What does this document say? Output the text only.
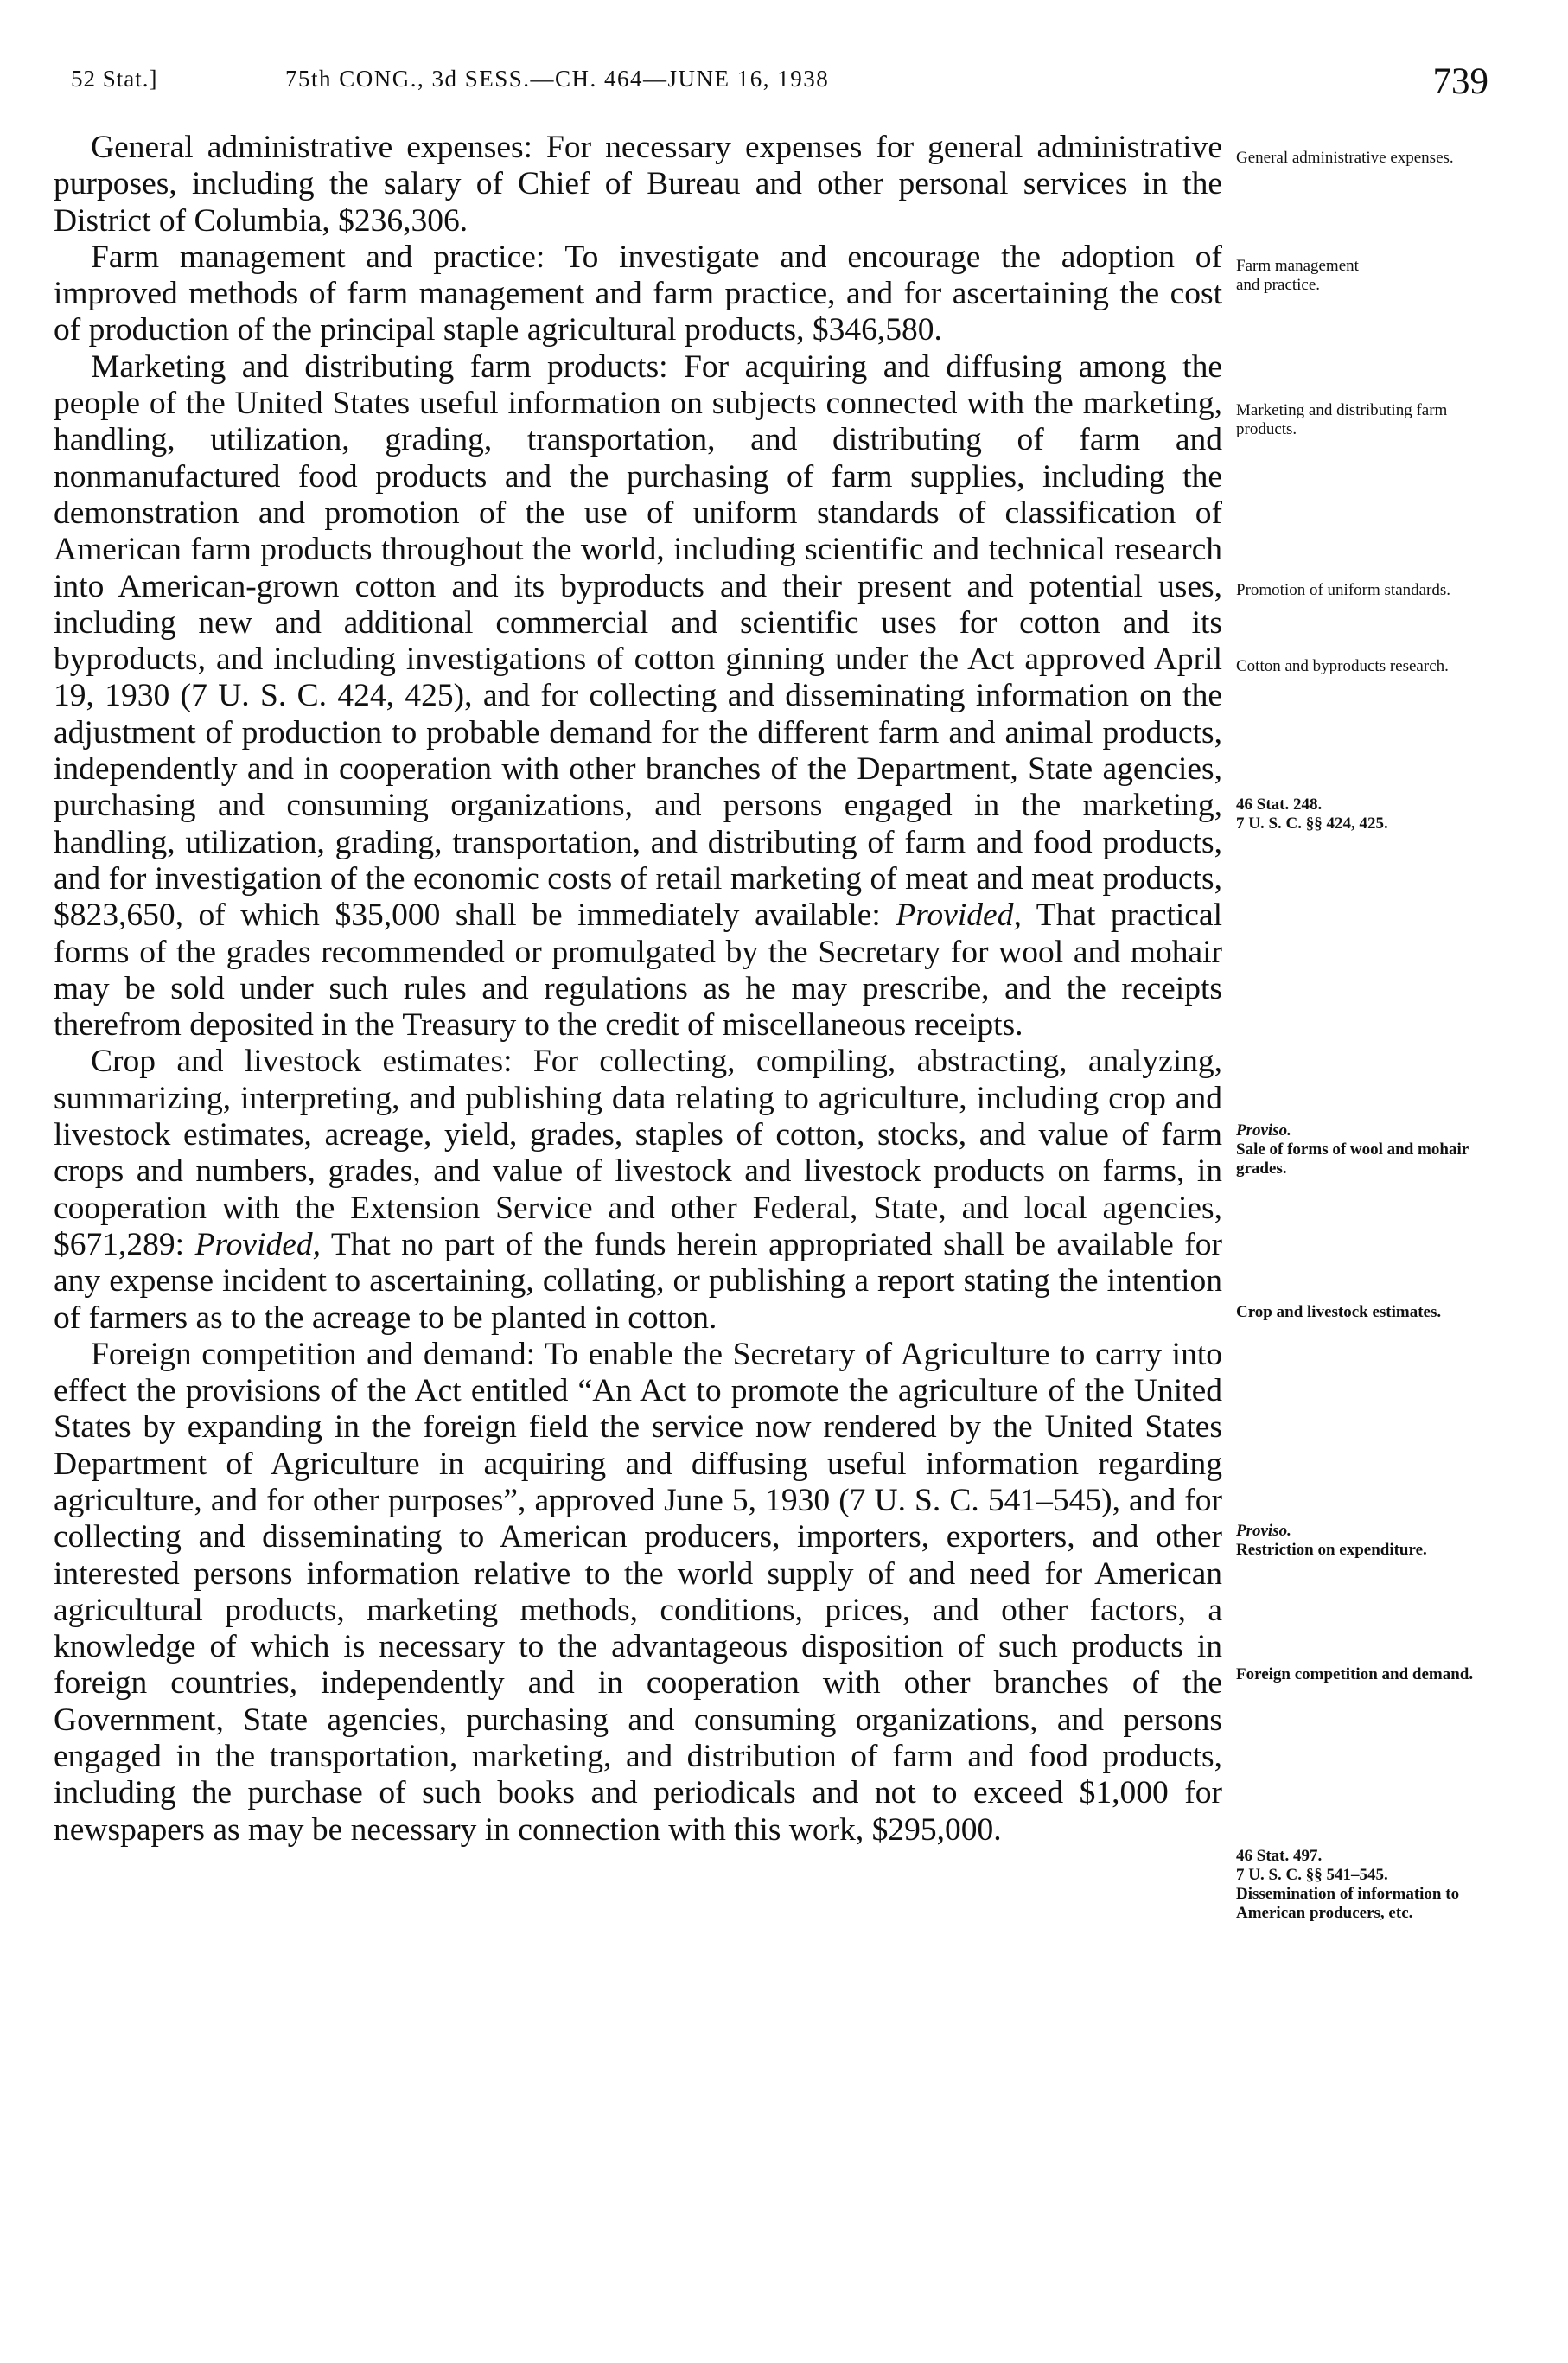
52 Stat.]	75th CONG., 3d SESS.—CH. 464—JUNE 16, 1938	739

General administrative expenses: For necessary expenses for general administrative purposes, including the salary of Chief of Bureau and other personal services in the District of Columbia, $236,306.

Farm management and practice: To investigate and encourage the adoption of improved methods of farm management and farm practice, and for ascertaining the cost of production of the principal staple agricultural products, $346,580.

Marketing and distributing farm products: For acquiring and diffusing among the people of the United States useful information on subjects connected with the marketing, handling, utilization, grading, transportation, and distributing of farm and nonmanufactured food products and the purchasing of farm supplies, including the demonstration and promotion of the use of uniform standards of classification of American farm products throughout the world, including scientific and technical research into American-grown cotton and its byproducts and their present and potential uses, including new and additional commercial and scientific uses for cotton and its byproducts, and including investigations of cotton ginning under the Act approved April 19, 1930 (7 U. S. C. 424, 425), and for collecting and disseminating information on the adjustment of production to probable demand for the different farm and animal products, independently and in cooperation with other branches of the Department, State agencies, purchasing and consuming organizations, and persons engaged in the marketing, handling, utilization, grading, transportation, and distributing of farm and food products, and for investigation of the economic costs of retail marketing of meat and meat products, $823,650, of which $35,000 shall be immediately available: Provided, That practical forms of the grades recommended or promulgated by the Secretary for wool and mohair may be sold under such rules and regulations as he may prescribe, and the receipts therefrom deposited in the Treasury to the credit of miscellaneous receipts.

Crop and livestock estimates: For collecting, compiling, abstracting, analyzing, summarizing, interpreting, and publishing data relating to agriculture, including crop and livestock estimates, acreage, yield, grades, staples of cotton, stocks, and value of farm crops and numbers, grades, and value of livestock and livestock products on farms, in cooperation with the Extension Service and other Federal, State, and local agencies, $671,289: Provided, That no part of the funds herein appropriated shall be available for any expense incident to ascertaining, collating, or publishing a report stating the intention of farmers as to the acreage to be planted in cotton.

Foreign competition and demand: To enable the Secretary of Agriculture to carry into effect the provisions of the Act entitled “An Act to promote the agriculture of the United States by expanding in the foreign field the service now rendered by the United States Department of Agriculture in acquiring and diffusing useful information regarding agriculture, and for other purposes”, approved June 5, 1930 (7 U. S. C. 541–545), and for collecting and disseminating to American producers, importers, exporters, and other interested persons information relative to the world supply of and need for American agricultural products, marketing methods, conditions, prices, and other factors, a knowledge of which is necessary to the advantageous disposition of such products in foreign countries, independently and in cooperation with other branches of the Government, State agencies, purchasing and consuming organizations, and persons engaged in the transportation, marketing, and distribution of farm and food products, including the purchase of such books and periodicals and not to exceed $1,000 for newspapers as may be necessary in connection with this work, $295,000.

General administrative expenses.
Farm management
and practice.
Marketing and distributing farm products.
Promotion of uniform standards.
Cotton and byproducts research.
46 Stat. 248.
7 U. S. C. §§ 424, 425.
Proviso.
Sale of forms of wool and mohair grades.
Crop and livestock estimates.
Proviso.
Restriction on expenditure.
Foreign competition and demand.
46 Stat. 497.
7 U. S. C. §§ 541–545.
Dissemination of information to American producers, etc.
